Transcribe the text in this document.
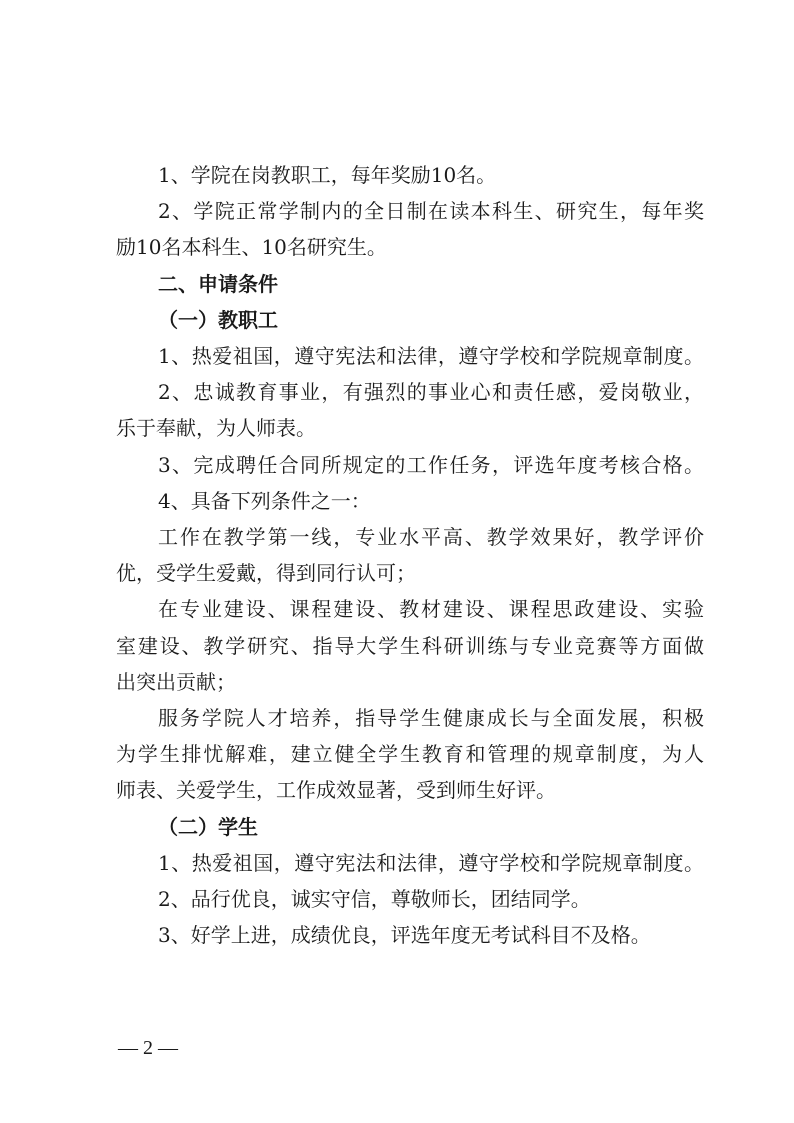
1、学院在岗教职工，每年奖励10名。
2、学院正常学制内的全日制在读本科生、研究生，每年奖
励10名本科生、10名研究生。
二、申请条件
（一）教职工
1、热爱祖国，遵守宪法和法律，遵守学校和学院规章制度。
2、忠诚教育事业，有强烈的事业心和责任感，爱岗敬业，
乐于奉献，为人师表。
3、完成聘任合同所规定的工作任务，评选年度考核合格。
4、具备下列条件之一：
工作在教学第一线，专业水平高、教学效果好，教学评价
优，受学生爱戴，得到同行认可；
在专业建设、课程建设、教材建设、课程思政建设、实验
室建设、教学研究、指导大学生科研训练与专业竞赛等方面做
出突出贡献；
服务学院人才培养，指导学生健康成长与全面发展，积极
为学生排忧解难，建立健全学生教育和管理的规章制度，为人
师表、关爱学生，工作成效显著，受到师生好评。
（二）学生
1、热爱祖国，遵守宪法和法律，遵守学校和学院规章制度。
2、品行优良，诚实守信，尊敬师长，团结同学。
3、好学上进，成绩优良，评选年度无考试科目不及格。
— 2 —
